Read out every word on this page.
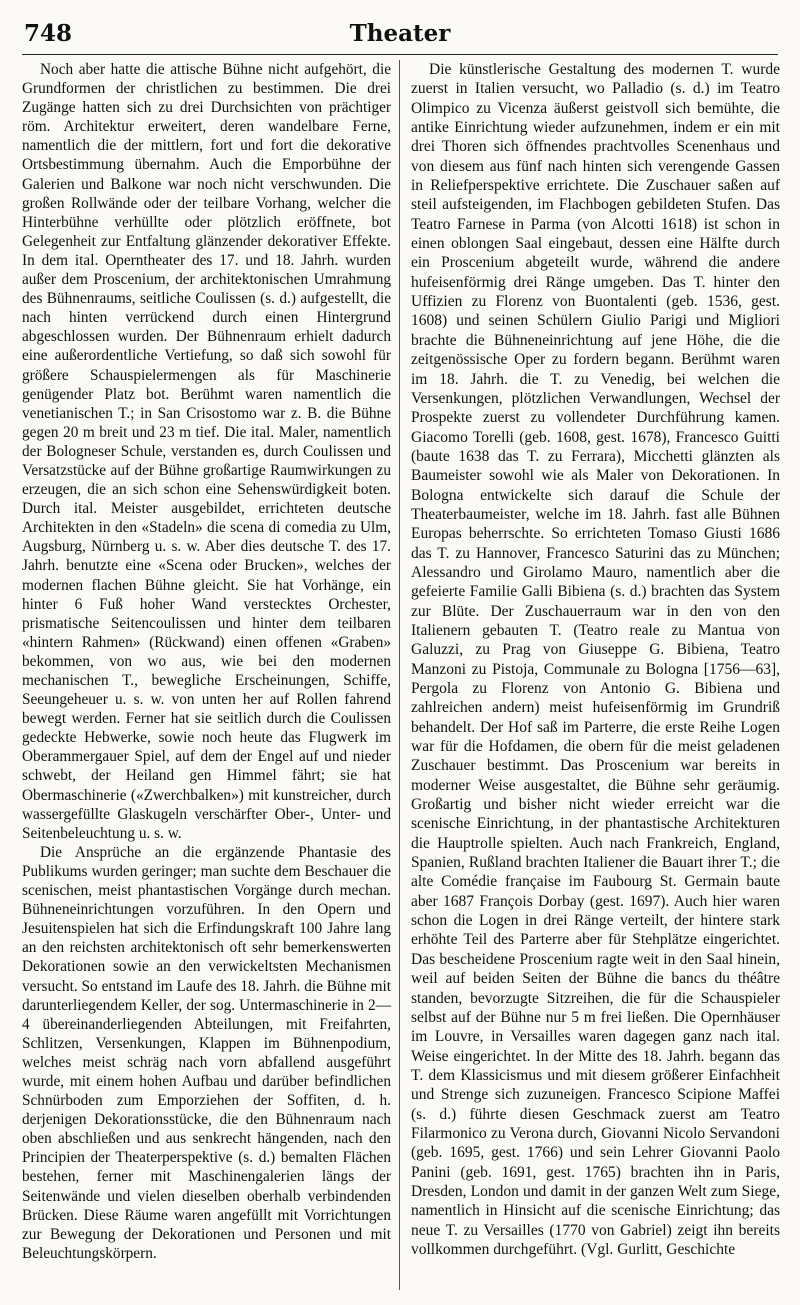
748	Theater

Noch aber hatte die attische Bühne nicht aufgehört, die Grundformen der christlichen zu bestimmen. Die drei Zugänge hatten sich zu drei Durchsichten von prächtiger röm. Architektur erweitert, deren wandelbare Ferne, namentlich die der mittlern, fort und fort die dekorative Ortsbestimmung übernahm. Auch die Emporbühne der Galerien und Balkone war noch nicht verschwunden. Die großen Rollwände oder der teilbare Vorhang, welcher die Hinterbühne verhüllte oder plötzlich eröffnete, bot Gelegenheit zur Entfaltung glänzender dekorativer Effekte. In dem ital. Operntheater des 17. und 18. Jahrh. wurden außer dem Proscenium, der architektonischen Umrahmung des Bühnenraums, seitliche Coulissen (s. d.) aufgestellt, die nach hinten verrückend durch einen Hintergrund abgeschlossen wurden. Der Bühnenraum erhielt dadurch eine außerordentliche Vertiefung, so daß sich sowohl für größere Schauspielermengen als für Maschinerie genügender Platz bot. Berühmt waren namentlich die venetianischen T.; in San Crisostomo war z. B. die Bühne gegen 20 m breit und 23 m tief. Die ital. Maler, namentlich der Bologneser Schule, verstanden es, durch Coulissen und Versatzstücke auf der Bühne großartige Raumwirkungen zu erzeugen, die an sich schon eine Sehenswürdigkeit boten. Durch ital. Meister ausgebildet, errichteten deutsche Architekten in den «Stadeln» die scena di comedia zu Ulm, Augsburg, Nürnberg u. s. w. Aber dies deutsche T. des 17. Jahrh. benutzte eine «Scena oder Brucken», welches der modernen flachen Bühne gleicht. Sie hat Vorhänge, ein hinter 6 Fuß hoher Wand verstecktes Orchester, prismatische Seitencoulissen und hinter dem teilbaren «hintern Rahmen» (Rückwand) einen offenen «Graben» bekommen, von wo aus, wie bei den modernen mechanischen T., bewegliche Erscheinungen, Schiffe, Seeungeheuer u. s. w. von unten her auf Rollen fahrend bewegt werden. Ferner hat sie seitlich durch die Coulissen gedeckte Hebwerke, sowie noch heute das Flugwerk im Oberammergauer Spiel, auf dem der Engel auf und nieder schwebt, der Heiland gen Himmel fährt; sie hat Obermaschinerie («Zwerchbalken») mit kunstreicher, durch wassergefüllte Glaskugeln verschärfter Ober-, Unter- und Seitenbeleuchtung u. s. w.

Die Ansprüche an die ergänzende Phantasie des Publikums wurden geringer; man suchte dem Beschauer die scenischen, meist phantastischen Vorgänge durch mechan. Bühneneinrichtungen vorzuführen. In den Opern und Jesuitenspielen hat sich die Erfindungskraft 100 Jahre lang an den reichsten architektonisch oft sehr bemerkenswerten Dekorationen sowie an den verwickeltsten Mechanismen versucht. So entstand im Laufe des 18. Jahrh. die Bühne mit darunterliegendem Keller, der sog. Untermaschinerie in 2—4 übereinanderliegenden Abteilungen, mit Freifahrten, Schlitzen, Versenkungen, Klappen im Bühnenpodium, welches meist schräg nach vorn abfallend ausgeführt wurde, mit einem hohen Aufbau und darüber befindlichen Schnürboden zum Emporziehen der Soffiten, d. h. derjenigen Dekorationsstücke, die den Bühnenraum nach oben abschließen und aus senkrecht hängenden, nach den Principien der Theaterperspektive (s. d.) bemalten Flächen bestehen, ferner mit Maschinengalerien längs der Seitenwände und vielen dieselben oberhalb verbindenden Brücken. Diese Räume waren angefüllt mit Vorrichtungen zur Bewegung der Dekorationen und Personen und mit Beleuchtungskörpern.

Die künstlerische Gestaltung des modernen T. wurde zuerst in Italien versucht, wo Palladio (s. d.) im Teatro Olimpico zu Vicenza äußerst geistvoll sich bemühte, die antike Einrichtung wieder aufzunehmen, indem er ein mit drei Thoren sich öffnendes prachtvolles Scenenhaus und von diesem aus fünf nach hinten sich verengende Gassen in Reliefperspektive errichtete. Die Zuschauer saßen auf steil aufsteigenden, im Flachbogen gebildeten Stufen. Das Teatro Farnese in Parma (von Alcotti 1618) ist schon in einen oblongen Saal eingebaut, dessen eine Hälfte durch ein Proscenium abgeteilt wurde, während die andere hufeisenförmig drei Ränge umgeben. Das T. hinter den Uffizien zu Florenz von Buontalenti (geb. 1536, gest. 1608) und seinen Schülern Giulio Parigi und Migliori brachte die Bühneneinrichtung auf jene Höhe, die die zeitgenössische Oper zu fordern begann. Berühmt waren im 18. Jahrh. die T. zu Venedig, bei welchen die Versenkungen, plötzlichen Verwandlungen, Wechsel der Prospekte zuerst zu vollendeter Durchführung kamen. Giacomo Torelli (geb. 1608, gest. 1678), Francesco Guitti (baute 1638 das T. zu Ferrara), Micchetti glänzten als Baumeister sowohl wie als Maler von Dekorationen. In Bologna entwickelte sich darauf die Schule der Theaterbaumeister, welche im 18. Jahrh. fast alle Bühnen Europas beherrschte. So errichteten Tomaso Giusti 1686 das T. zu Hannover, Francesco Saturini das zu München; Alessandro und Girolamo Mauro, namentlich aber die gefeierte Familie Galli Bibiena (s. d.) brachten das System zur Blüte. Der Zuschauerraum war in den von den Italienern gebauten T. (Teatro reale zu Mantua von Galuzzi, zu Prag von Giuseppe G. Bibiena, Teatro Manzoni zu Pistoja, Communale zu Bologna [1756—63], Pergola zu Florenz von Antonio G. Bibiena und zahlreichen andern) meist hufeisenförmig im Grundriß behandelt. Der Hof saß im Parterre, die erste Reihe Logen war für die Hofdamen, die obern für die meist geladenen Zuschauer bestimmt. Das Proscenium war bereits in moderner Weise ausgestaltet, die Bühne sehr geräumig. Großartig und bisher nicht wieder erreicht war die scenische Einrichtung, in der phantastische Architekturen die Hauptrolle spielten. Auch nach Frankreich, England, Spanien, Rußland brachten Italiener die Bauart ihrer T.; die alte Comédie française im Faubourg St. Germain baute aber 1687 François Dorbay (gest. 1697). Auch hier waren schon die Logen in drei Ränge verteilt, der hintere stark erhöhte Teil des Parterre aber für Stehplätze eingerichtet. Das bescheidene Proscenium ragte weit in den Saal hinein, weil auf beiden Seiten der Bühne die bancs du théâtre standen, bevorzugte Sitzreihen, die für die Schauspieler selbst auf der Bühne nur 5 m frei ließen. Die Opernhäuser im Louvre, in Versailles waren dagegen ganz nach ital. Weise eingerichtet. In der Mitte des 18. Jahrh. begann das T. dem Klassicismus und mit diesem größerer Einfachheit und Strenge sich zuzuneigen. Francesco Scipione Maffei (s. d.) führte diesen Geschmack zuerst am Teatro Filarmonico zu Verona durch, Giovanni Nicolo Servandoni (geb. 1695, gest. 1766) und sein Lehrer Giovanni Paolo Panini (geb. 1691, gest. 1765) brachten ihn in Paris, Dresden, London und damit in der ganzen Welt zum Siege, namentlich in Hinsicht auf die scenische Einrichtung; das neue T. zu Versailles (1770 von Gabriel) zeigt ihn bereits vollkommen durchgeführt. (Vgl. Gurlitt, Geschichte
